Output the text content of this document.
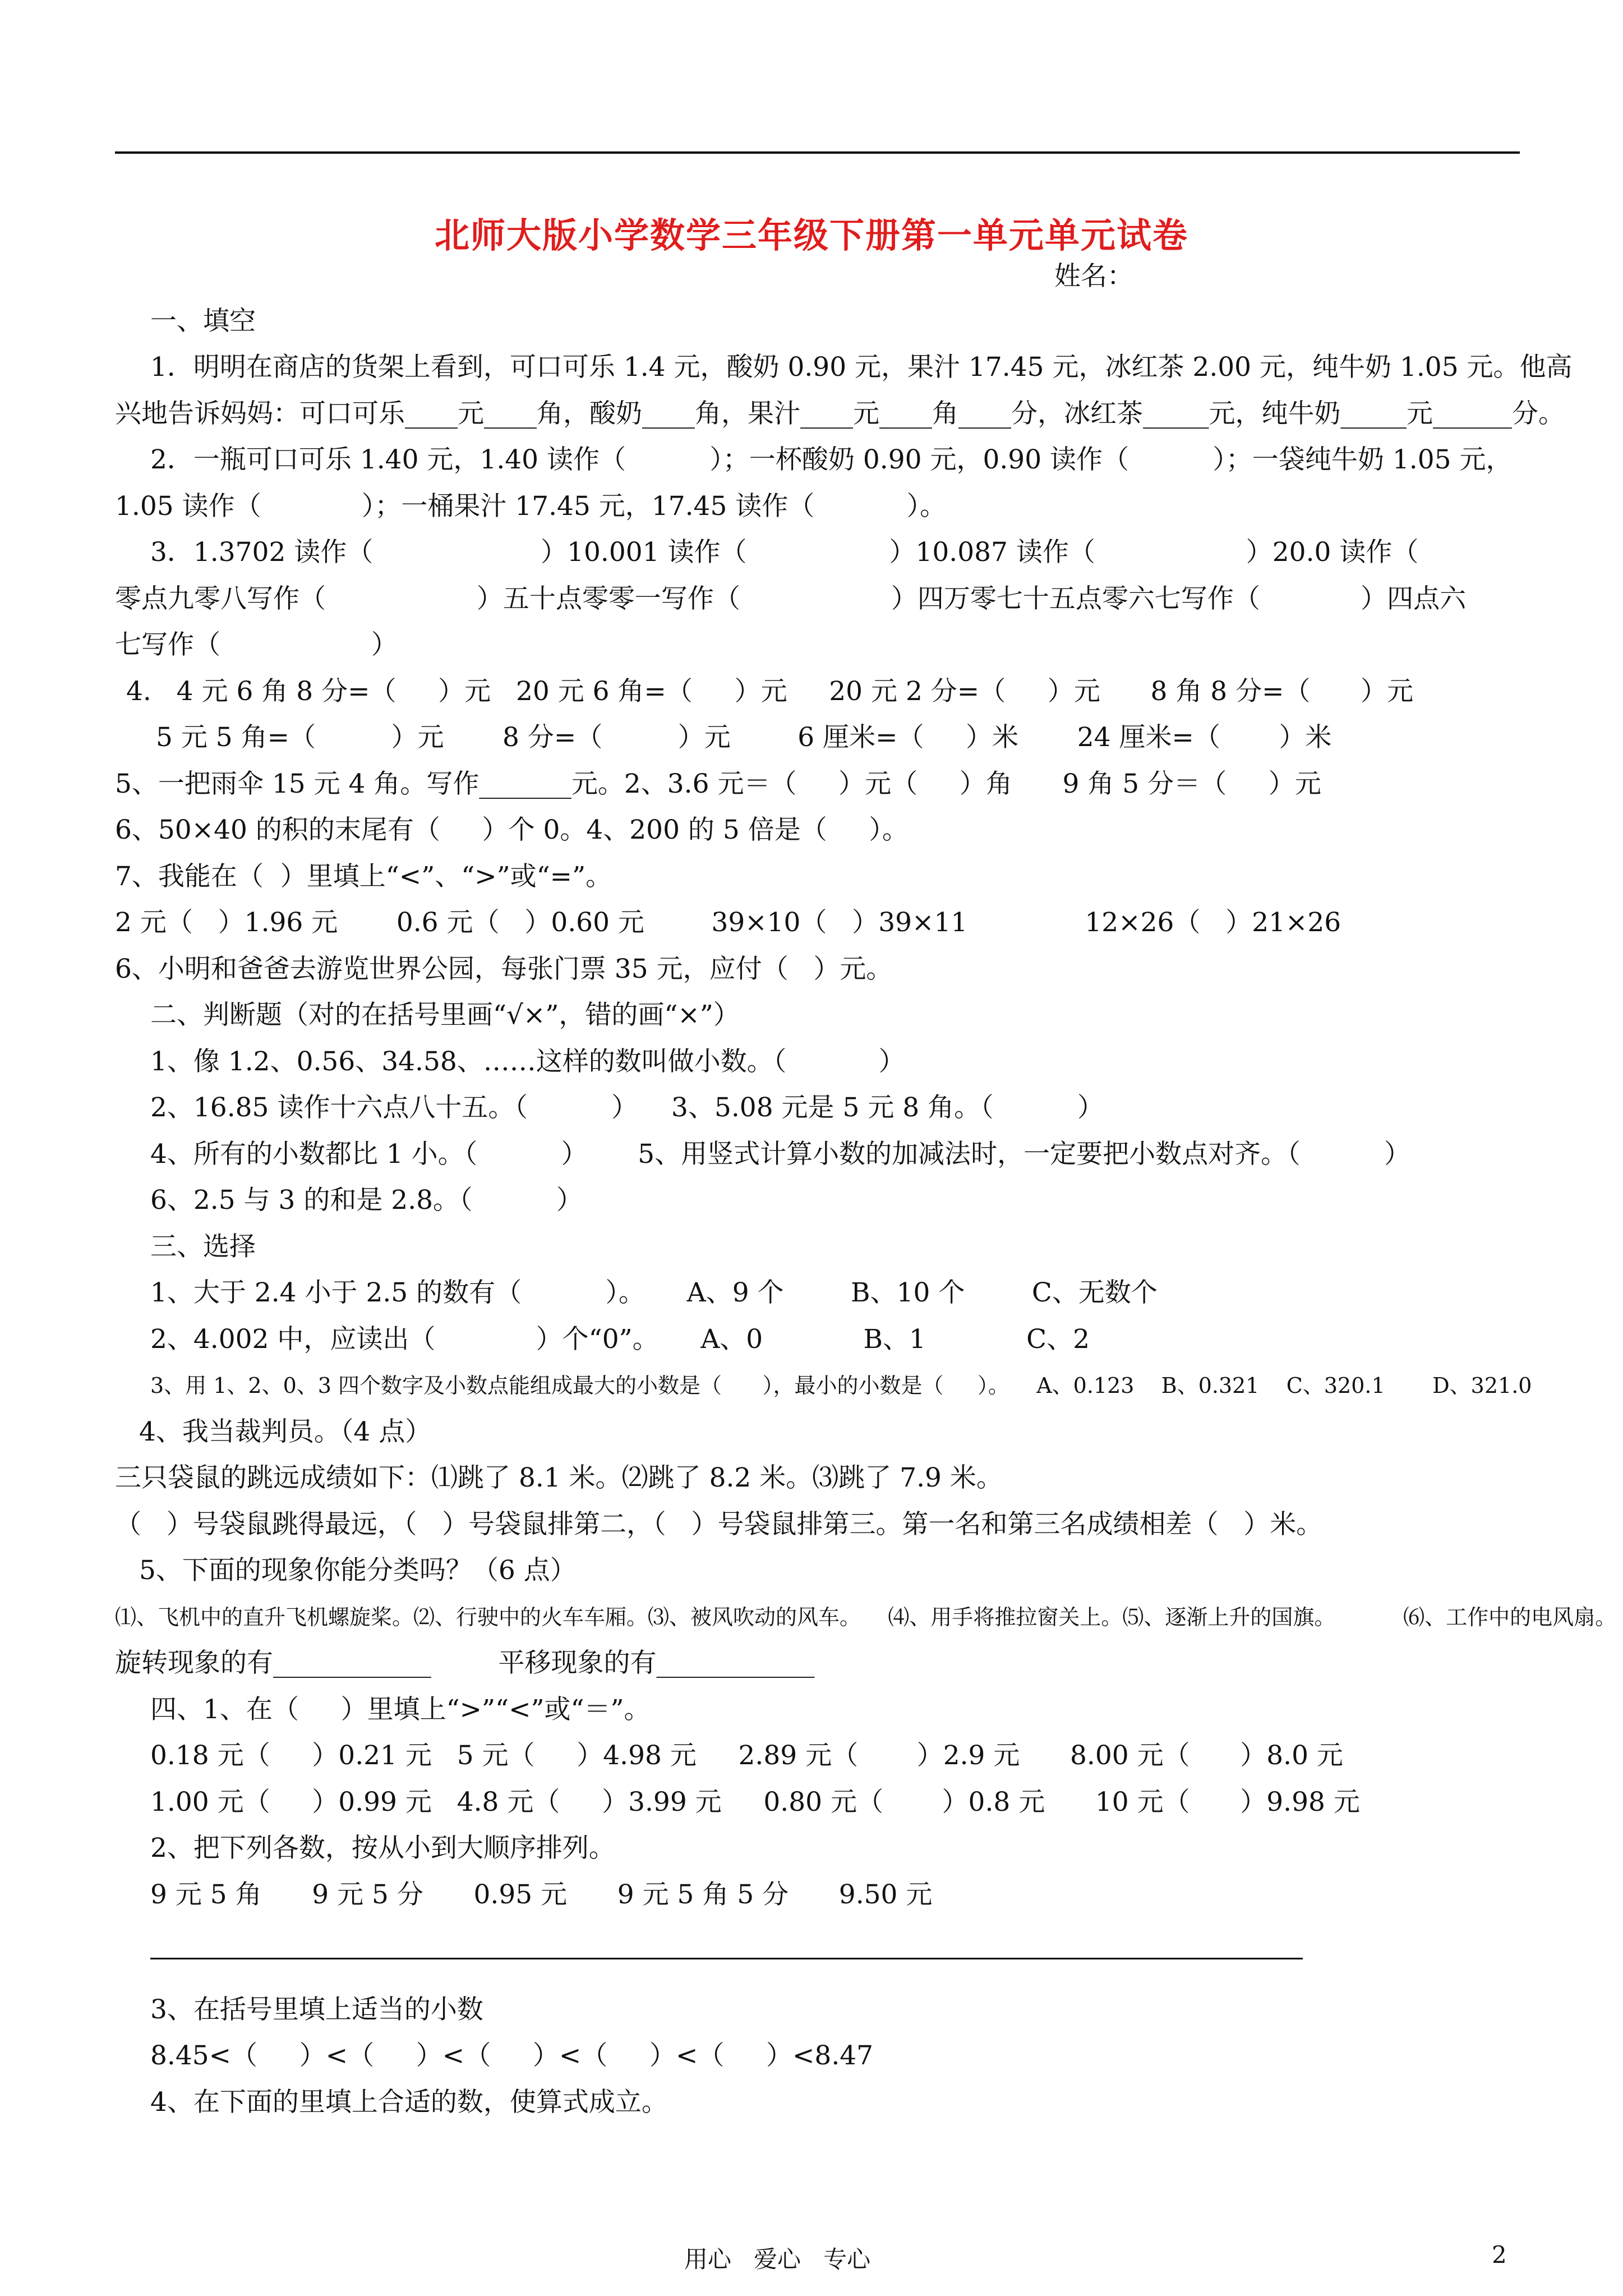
北师大版小学数学三年级下册第一单元单元试卷
姓名：
一、填空
1．明明在商店的货架上看到，可口可乐 1.4 元，酸奶 0.90 元，果汁 17.45 元，冰红茶 2.00 元，纯牛奶 1.05 元。他高
兴地告诉妈妈：可口可乐____元____角，酸奶____角，果汁____元____角____分，冰红茶_____元，纯牛奶_____元______分。
2．一瓶可口可乐 1.40 元，1.40 读作（          ）；一杯酸奶 0.90 元，0.90 读作（          ）；一袋纯牛奶 1.05 元，
1.05 读作（            ）；一桶果汁 17.45 元，17.45 读作（           ）。
3．1.3702 读作（                    ）10.001 读作（                 ）10.087 读作（                  ）20.0 读作（
零点九零八写作（                  ）五十点零零一写作（                  ）四万零七十五点零六七写作（            ）四点六
七写作（                  ）
4.   4 元 6 角 8 分=（     ）元   20 元 6 角=（     ）元     20 元 2 分=（     ）元      8 角 8 分=（      ）元
5 元 5 角=（         ）元       8 分=（         ）元        6 厘米=（     ）米       24 厘米=（       ）米
5、一把雨伞 15 元 4 角。写作_______元。2、3.6 元＝（     ）元（     ）角      9 角 5 分＝（     ）元
6、50×40 的积的末尾有（     ）个 0。4、200 的 5 倍是（     ）。
7、我能在（  ）里填上“<”、“>”或“=”。
2 元（   ）1.96 元       0.6 元（   ）0.60 元        39×10（   ）39×11              12×26（   ）21×26
6、小明和爸爸去游览世界公园，每张门票 35 元，应付（   ）元。
二、判断题（对的在括号里画“√×”，错的画“×”）
1、像 1.2、0.56、34.58、……这样的数叫做小数。（           ）
2、16.85 读作十六点八十五。（          ）    3、5.08 元是 5 元 8 角。（          ）
4、所有的小数都比 1 小。（          ）      5、用竖式计算小数的加减法时，一定要把小数点对齐。（          ）
6、2.5 与 3 的和是 2.8。（          ）
三、选择
1、大于 2.4 小于 2.5 的数有（          ）。     A、9 个        B、10 个        C、无数个
2、4.002 中，应读出（            ）个“0”。     A、0            B、1            C、2
3、用 1、2、0、3 四个数字及小数点能组成最大的小数是（      ），最小的小数是（     ）。    A、0.123    B、0.321    C、320.1       D、321.0
4、我当裁判员。（4 点）
三只袋鼠的跳远成绩如下：⑴跳了 8.1 米。⑵跳了 8.2 米。⑶跳了 7.9 米。
（   ）号袋鼠跳得最远，（   ）号袋鼠排第二，（   ）号袋鼠排第三。第一名和第三名成绩相差（   ）米。
5、下面的现象你能分类吗？（6 点）
⑴、飞机中的直升飞机螺旋桨。⑵、行驶中的火车车厢。⑶、被风吹动的风车。    ⑷、用手将推拉窗关上。⑸、逐渐上升的国旗。          ⑹、工作中的电风扇。
旋转现象的有____________        平移现象的有____________
四、1、在（     ）里填上“>”“<”或“＝”。
0.18 元（     ）0.21 元   5 元（     ）4.98 元     2.89 元（       ）2.9 元      8.00 元（      ）8.0 元
1.00 元（     ）0.99 元   4.8 元（     ）3.99 元     0.80 元（       ）0.8 元      10 元（      ）9.98 元
2、把下列各数，按从小到大顺序排列。
9 元 5 角      9 元 5 分      0.95 元      9 元 5 角 5 分      9.50 元
3、在括号里填上适当的小数
8.45<（     ）<（     ）<（     ）<（     ）<（     ）<8.47
4、在下面的里填上合适的数，使算式成立。
用心   爱心   专心	2
